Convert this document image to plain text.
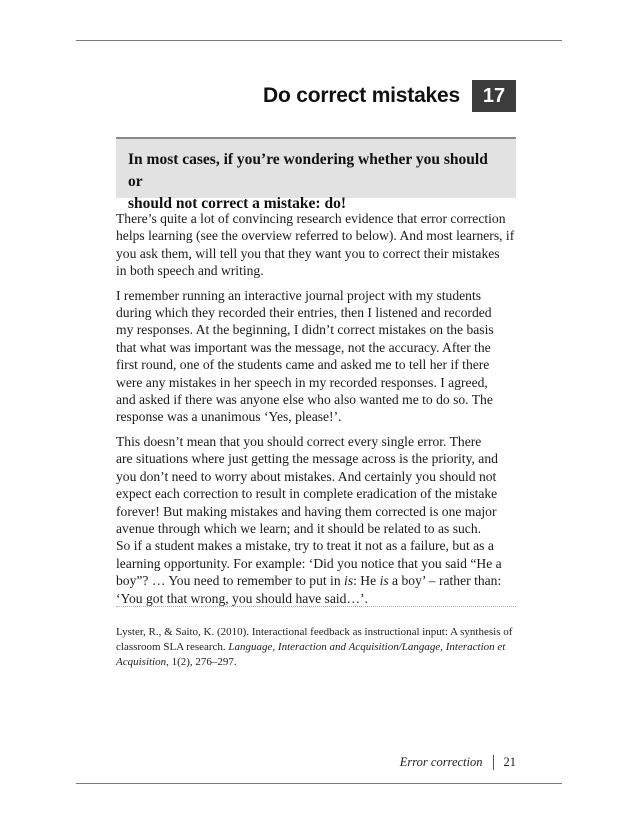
Do correct mistakes	17

In most cases, if you’re wondering whether you should or
should not correct a mistake: do!

There’s quite a lot of convincing research evidence that error correction
helps learning (see the overview referred to below). And most learners, if
you ask them, will tell you that they want you to correct their mistakes
in both speech and writing.

I remember running an interactive journal project with my students
during which they recorded their entries, then I listened and recorded
my responses. At the beginning, I didn’t correct mistakes on the basis
that what was important was the message, not the accuracy. After the
first round, one of the students came and asked me to tell her if there
were any mistakes in her speech in my recorded responses. I agreed,
and asked if there was anyone else who also wanted me to do so. The
response was a unanimous ‘Yes, please!’.

This doesn’t mean that you should correct every single error. There
are situations where just getting the message across is the priority, and
you don’t need to worry about mistakes. And certainly you should not
expect each correction to result in complete eradication of the mistake
forever! But making mistakes and having them corrected is one major
avenue through which we learn; and it should be related to as such.
So if a student makes a mistake, try to treat it not as a failure, but as a
learning opportunity. For example: ‘Did you notice that you said “He a
boy”? … You need to remember to put in is: He is a boy’ – rather than:
‘You got that wrong, you should have said…’.

Lyster, R., & Saito, K. (2010). Interactional feedback as instructional input: A synthesis of
classroom SLA research. Language, Interaction and Acquisition/Langage, Interaction et
Acquisition, 1(2), 276–297.

Error correction 21
